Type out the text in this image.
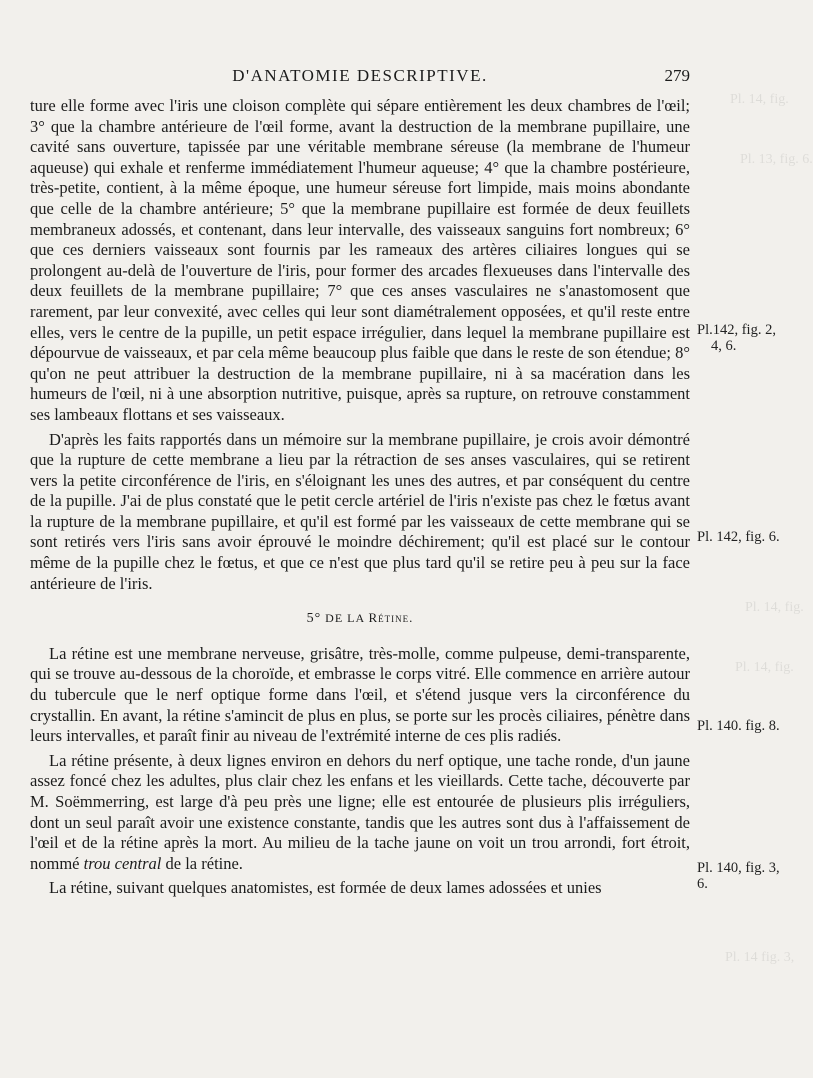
D'ANATOMIE DESCRIPTIVE.	279

ture elle forme avec l'iris une cloison complète qui sépare entièrement les deux chambres de l'œil; 3° que la chambre antérieure de l'œil forme, avant la destruction de la membrane pupillaire, une cavité sans ouverture, tapissée par une véritable membrane séreuse (la membrane de l'humeur aqueuse) qui exhale et renferme immédiatement l'humeur aqueuse; 4° que la chambre postérieure, très-petite, contient, à la même époque, une humeur séreuse fort limpide, mais moins abondante que celle de la chambre antérieure; 5° que la membrane pupillaire est formée de deux feuillets membraneux adossés, et contenant, dans leur intervalle, des vaisseaux sanguins fort nombreux; 6° que ces derniers vaisseaux sont fournis par les rameaux des artères ciliaires longues qui se prolongent au-delà de l'ouverture de l'iris, pour former des arcades flexueuses dans l'intervalle des deux feuillets de la membrane pupillaire; 7° que ces anses vasculaires ne s'anastomosent que rarement, par leur convexité, avec celles qui leur sont diamétralement opposées, et qu'il reste entre elles, vers le centre de la pupille, un petit espace irrégulier, dans lequel la membrane pupillaire est dépourvue de vaisseaux, et par cela même beaucoup plus faible que dans le reste de son étendue; 8° qu'on ne peut attribuer la destruction de la membrane pupillaire, ni à sa macération dans les humeurs de l'œil, ni à une absorption nutritive, puisque, après sa rupture, on retrouve constamment ses lambeaux flottans et ses vaisseaux.

D'après les faits rapportés dans un mémoire sur la membrane pupillaire, je crois avoir démontré que la rupture de cette membrane a lieu par la rétraction de ses anses vasculaires, qui se retirent vers la petite circonférence de l'iris, en s'éloignant les unes des autres, et par conséquent du centre de la pupille. J'ai de plus constaté que le petit cercle artériel de l'iris n'existe pas chez le fœtus avant la rupture de la membrane pupillaire, et qu'il est formé par les vaisseaux de cette membrane qui se sont retirés vers l'iris sans avoir éprouvé le moindre déchirement; qu'il est placé sur le contour même de la pupille chez le fœtus, et que ce n'est que plus tard qu'il se retire peu à peu sur la face antérieure de l'iris.

5° DE LA Rétine.

La rétine est une membrane nerveuse, grisâtre, très-molle, comme pulpeuse, demi-transparente, qui se trouve au-dessous de la choroïde, et embrasse le corps vitré. Elle commence en arrière autour du tubercule que le nerf optique forme dans l'œil, et s'étend jusque vers la circonférence du crystallin. En avant, la rétine s'amincit de plus en plus, se porte sur les procès ciliaires, pénètre dans leurs intervalles, et paraît finir au niveau de l'extrémité interne de ces plis radiés.

La rétine présente, à deux lignes environ en dehors du nerf optique, une tache ronde, d'un jaune assez foncé chez les adultes, plus clair chez les enfans et les vieillards. Cette tache, découverte par M. Soëmmerring, est large d'à peu près une ligne; elle est entourée de plusieurs plis irréguliers, dont un seul paraît avoir une existence constante, tandis que les autres sont dus à l'affaissement de l'œil et de la rétine après la mort. Au milieu de la tache jaune on voit un trou arrondi, fort étroit, nommé trou central de la rétine.

La rétine, suivant quelques anatomistes, est formée de deux lames adossées et unies

Pl.142, fig. 2,
4, 6.
Pl. 142, fig. 6.
Pl. 140. fig. 8.
Pl. 140, fig. 3,
6.
Pl. 14, fig.
Pl. 13, fig. 6.
Pl. 14, fig.
Pl. 14, fig.
Pl. 14 fig. 3,
